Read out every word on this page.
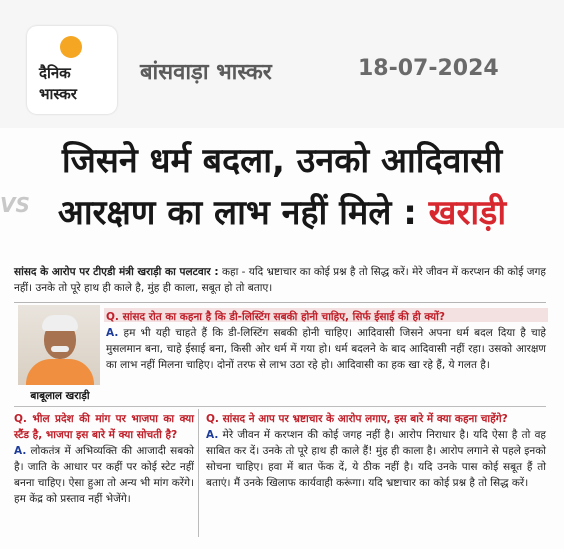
दैनिक
भास्कर
बांसवाड़ा भास्कर	18-07-2024
VS
जिसने धर्म बदला, उनको आदिवासी
आरक्षण का लाभ नहीं मिले : खराड़ी
सांसद के आरोप पर टीएडी मंत्री खराड़ी का पलटवार : कहा - यदि भ्रष्टाचार का कोई प्रश्न है तो सिद्ध करें। मेरे जीवन में करप्शन की कोई जगह नहीं। उनके तो पूरे हाथ ही काले है, मुंह ही काला, सबूत हो तो बताए।
बाबूलाल खराड़ी
Q. सांसद रोत का कहना है कि डी-लिस्टिंग सबकी होनी चाहिए, सिर्फ ईसाई की ही क्यों?
A. हम भी यही चाहते हैं कि डी-लिस्टिंग सबकी होनी चाहिए। आदिवासी जिसने अपना धर्म बदल दिया है चाहे मुसलमान बना, चाहे ईसाई बना, किसी ओर धर्म में गया हो। धर्म बदलने के बाद आदिवासी नहीं रहा। उसको आरक्षण का लाभ नहीं मिलना चाहिए। दोनों तरफ से लाभ उठा रहे हो। आदिवासी का हक खा रहे हैं, ये गलत है।
Q. भील प्रदेश की मांग पर भाजपा का क्या स्टैंड है, भाजपा इस बारे में क्या सोचती है?
A. लोकतंत्र में अभिव्यक्ति की आजादी सबको है। जाति के आधार पर कहीं पर कोई स्टेट नहीं बनना चाहिए। ऐसा हुआ तो अन्य भी मांग करेंगे। हम केंद्र को प्रस्ताव नहीं भेजेंगे।
Q. सांसद ने आप पर भ्रष्टाचार के आरोप लगाए, इस बारे में क्या कहना चाहेंगे?
A. मेरे जीवन में करप्शन की कोई जगह नहीं है। आरोप निराधार है। यदि ऐसा है तो वह साबित कर दें। उनके तो पूरे हाथ ही काले हैं! मुंह ही काला है। आरोप लगाने से पहले इनको सोचना चाहिए। हवा में बात फेंक दें, ये ठीक नहीं है। यदि उनके पास कोई सबूत हैं तो बताएं। मैं उनके खिलाफ कार्यवाही करूंगा। यदि भ्रष्टाचार का कोई प्रश्न है तो सिद्ध करें।
